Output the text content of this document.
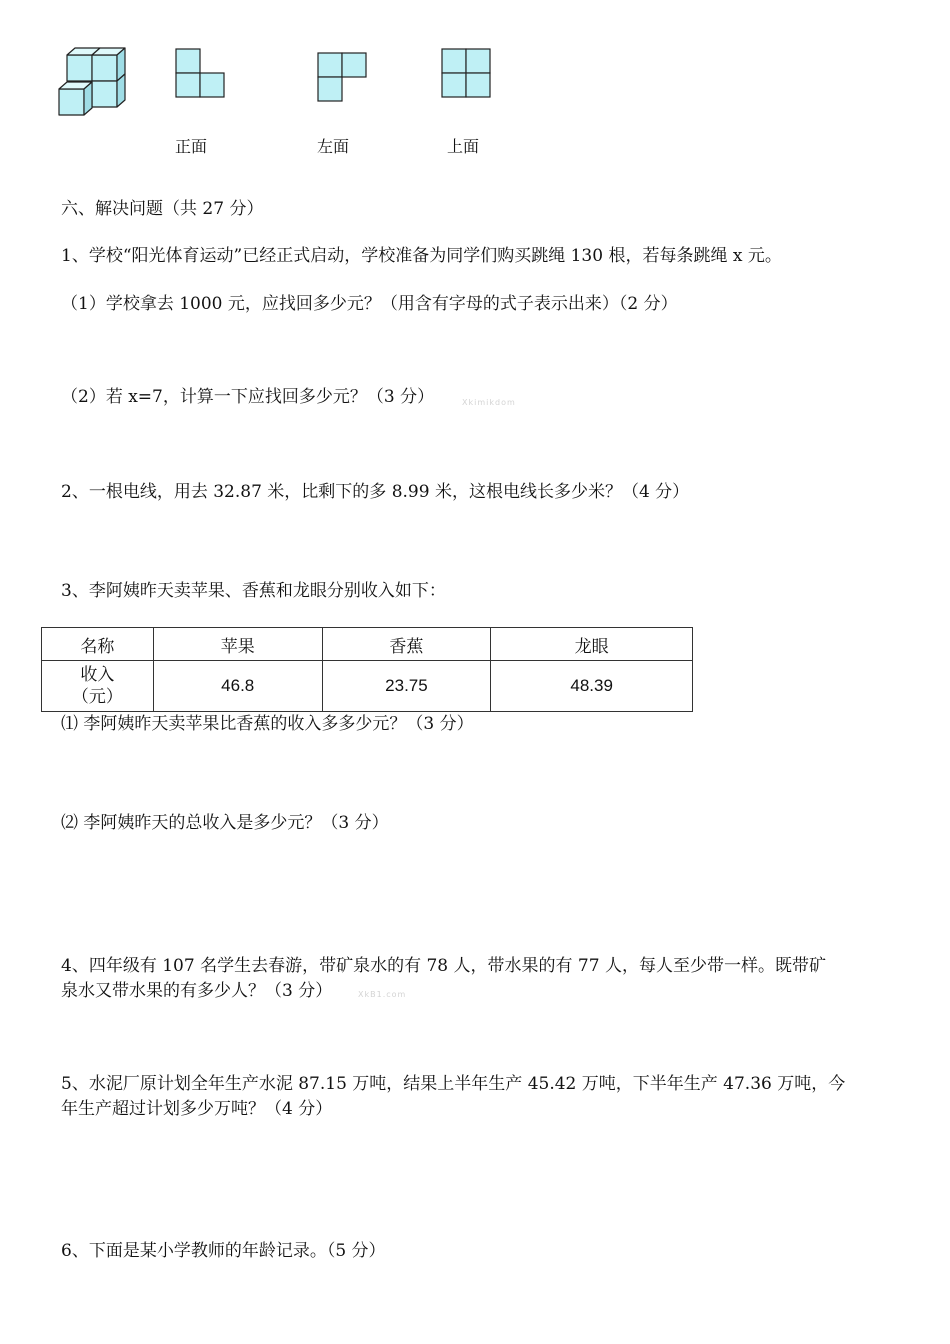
正面	左面	上面
六、解决问题（共 27 分）
1、学校“阳光体育运动”已经正式启动，学校准备为同学们购买跳绳 130 根，若每条跳绳 x 元。
（1）学校拿去 1000 元，应找回多少元？（用含有字母的式子表示出来）（2 分）
（2）若 x=7，计算一下应找回多少元？（3 分）	Xkimikdom
2、一根电线，用去 32.87 米，比剩下的多 8.99 米，这根电线长多少米？（4 分）
3、李阿姨昨天卖苹果、香蕉和龙眼分别收入如下：
名称	苹果	香蕉	龙眼

收入
（元）	46.8	23.75	48.39
⑴ 李阿姨昨天卖苹果比香蕉的收入多多少元？（3 分）
⑵ 李阿姨昨天的总收入是多少元？（3 分）
4、四年级有 107 名学生去春游，带矿泉水的有 78 人，带水果的有 77 人，每人至少带一样。既带矿
泉水又带水果的有多少人？（3 分）	XkB1.com
5、水泥厂原计划全年生产水泥 87.15 万吨，结果上半年生产 45.42 万吨，下半年生产 47.36 万吨，今
年生产超过计划多少万吨？（4 分）
6、下面是某小学教师的年龄记录。（5 分）
